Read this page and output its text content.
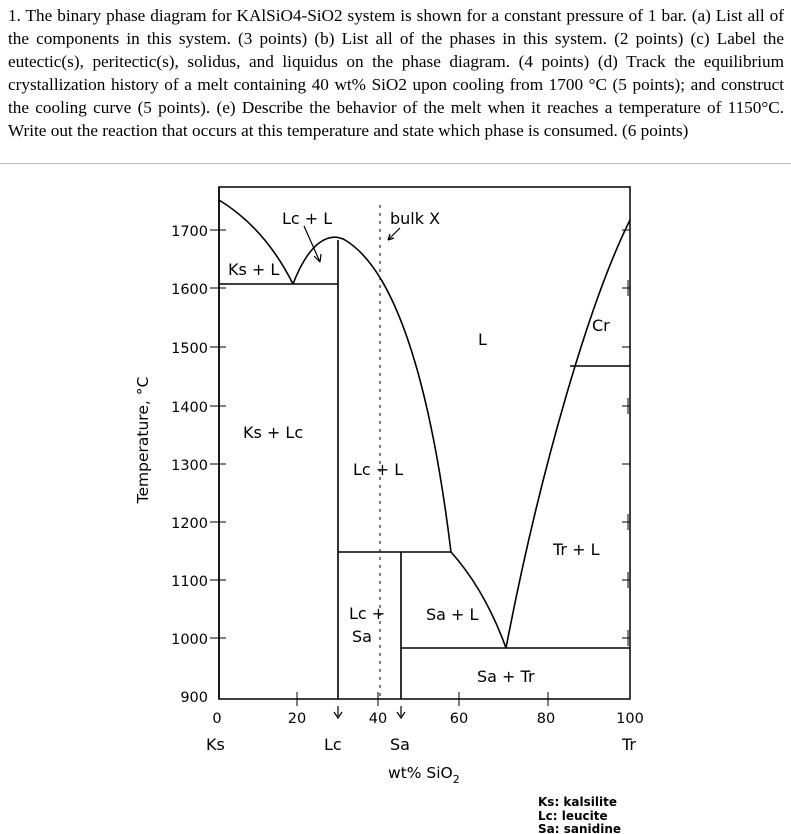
1. The binary phase diagram for KAlSiO4-SiO2 system is shown for a constant pressure of 1 bar. (a) List all of the components in this system. (3 points) (b) List all of the phases in this system. (2 points) (c) Label the eutectic(s), peritectic(s), solidus, and liquidus on the phase diagram. (4 points) (d) Track the equilibrium crystallization history of a melt containing 40 wt% SiO2 upon cooling from 1700 °C (5 points); and construct the cooling curve (5 points). (e) Describe the behavior of the melt when it reaches a temperature of 1150°C. Write out the reaction that occurs at this temperature and state which phase is consumed. (6 points)
1700
1600
1500
1400
1300
1200
1100
1000
900
0	20	40	60	80	100
Ks	Lc	Sa	Tr
Temperature, °C
wt% SiO$_2$
Lc + L
Ks + L
bulk X
L
Cr
Ks + Lc
Lc + L
Tr + L
Lc +
Sa
Sa + L
Sa + Tr
Ks: kalsilite
Lc: leucite
Sa: sanidine
